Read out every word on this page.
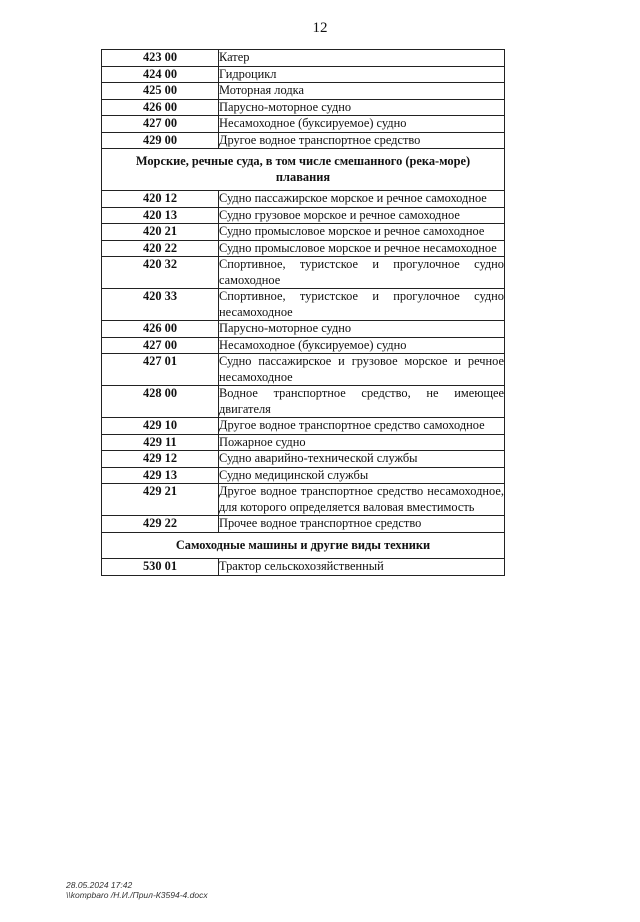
12
423 00	Катер
424 00	Гидроцикл
425 00	Моторная лодка
426 00	Парусно-моторное судно
427 00	Несамоходное (буксируемое) судно
429 00	Другое водное транспортное средство
Морские, речные суда, в том числе смешанного (река-море) плавания	
420 12	Судно пассажирское морское и речное самоходное
420 13	Судно грузовое морское и речное самоходное
420 21	Судно промысловое морское и речное самоходное
420 22	Судно промысловое морское и речное несамоходное
420 32	Спортивное, туристское и прогулочное судно самоходное
420 33	Спортивное, туристское и прогулочное судно несамоходное
426 00	Парусно-моторное судно
427 00	Несамоходное (буксируемое) судно
427 01	Судно пассажирское и грузовое морское и речное несамоходное
428 00	Водное транспортное средство, не имеющее двигателя
429 10	Другое водное транспортное средство самоходное
429 11	Пожарное судно
429 12	Судно аварийно-технической службы
429 13	Судно медицинской службы
429 21	Другое водное транспортное средство несамоходное, для которого определяется валовая вместимость
429 22	Прочее водное транспортное средство
Самоходные машины и другие виды техники	
530 01	Трактор сельскохозяйственный
28.05.2024 17:42
\\kompbaro /Н.И./Прил-К3594-4.docx
